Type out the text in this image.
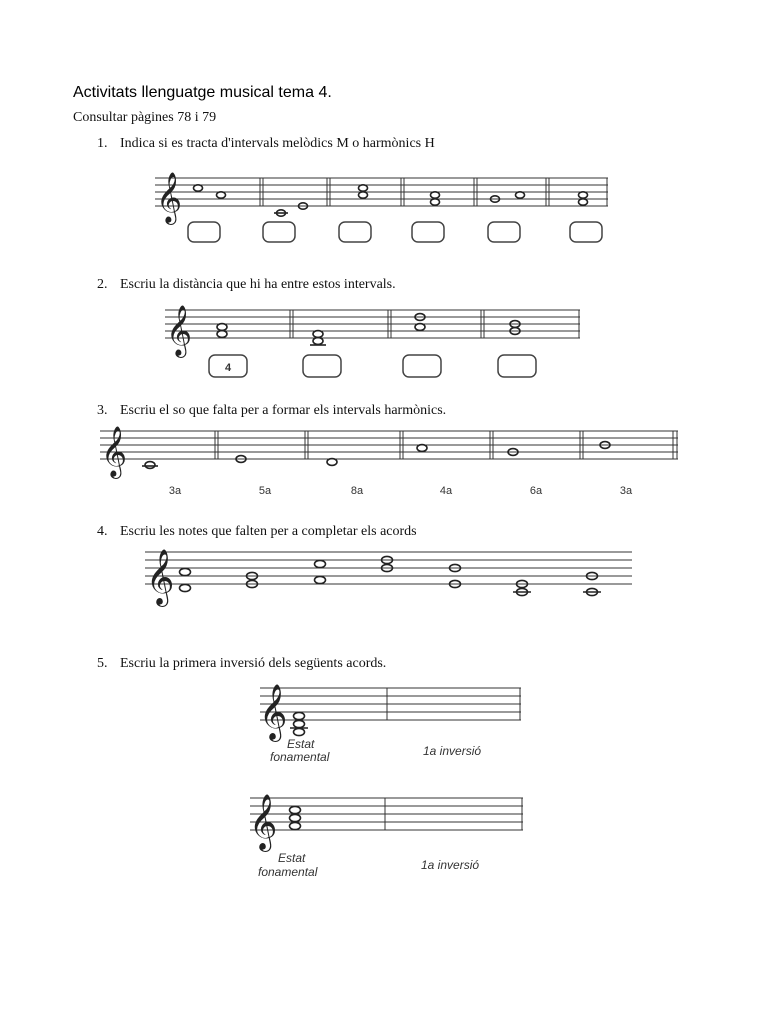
Activitats llenguatge musical tema 4.
Consultar pàgines 78 i 79
1. Indica si es tracta d'intervals melòdics M o harmònics H
𝄞
2. Escriu la distància que hi ha entre estos intervals.
𝄞
4
3. Escriu el so que falta per a formar els intervals harmònics.
𝄞
3a	5a	8a	4a	6a	3a
4. Escriu les notes que falten per a completar els acords
𝄞
5. Escriu la primera inversió dels següents acords.
𝄞
Estat
fonamental	1a inversió
𝄞
Estat
fonamental	1a inversió
